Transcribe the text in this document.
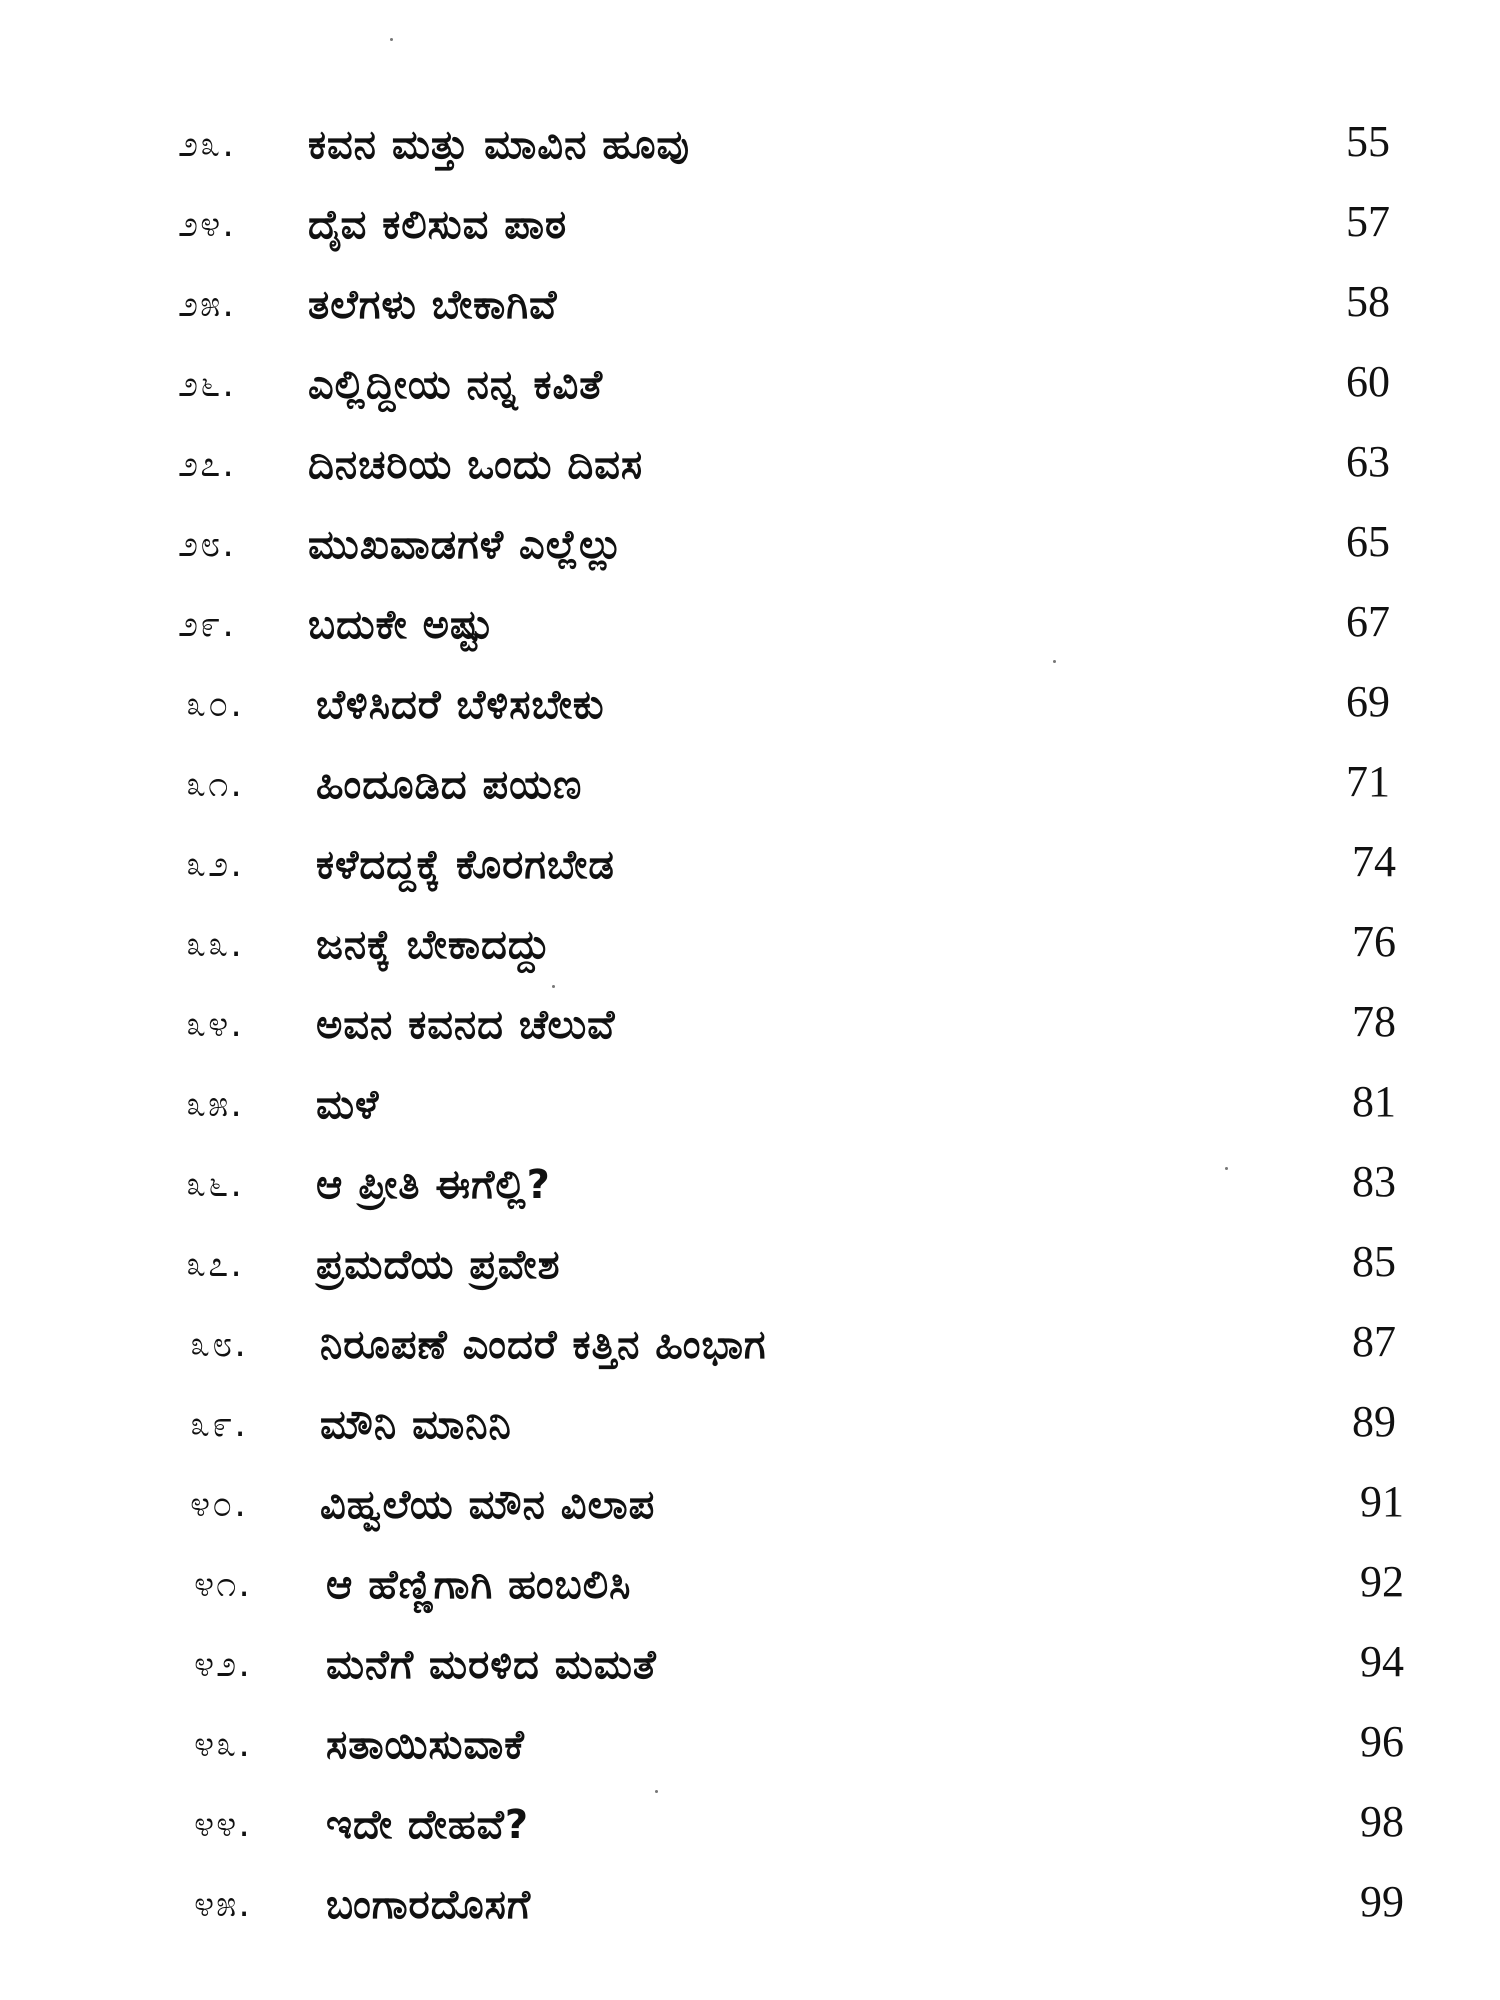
೨೩. ಕವನ ಮತ್ತು ಮಾವಿನ ಹೂವು	55
೨೪. ದೈವ ಕಲಿಸುವ ಪಾಠ	57
೨೫. ತಲೆಗಳು ಬೇಕಾಗಿವೆ	58
೨೬. ಎಲ್ಲಿದ್ದೀಯ ನನ್ನ ಕವಿತೆ	60
೨೭. ದಿನಚರಿಯ ಒಂದು ದಿವಸ	63
೨೮. ಮುಖವಾಡಗಳೆ ಎಲ್ಲೆಲ್ಲು	65
೨೯. ಬದುಕೇ ಅಷ್ಟು	67
೩೦. ಬೆಳಿಸಿದರೆ ಬೆಳಿಸಬೇಕು	69
೩೧. ಹಿಂದೂಡಿದ ಪಯಣ	71
೩೨. ಕಳೆದದ್ದಕ್ಕೆ ಕೊರಗಬೇಡ	74
೩೩. ಜನಕ್ಕೆ ಬೇಕಾದದ್ದು	76
೩೪. ಅವನ ಕವನದ ಚೆಲುವೆ	78
೩೫. ಮಳೆ	81
೩೬. ಆ ಪ್ರೀತಿ ಈಗೆಲ್ಲಿ?	83
೩೭. ಪ್ರಮದೆಯ ಪ್ರವೇಶ	85
೩೮. ನಿರೂಪಣೆ ಎಂದರೆ ಕತ್ತಿನ ಹಿಂಭಾಗ	87
೩೯. ಮೌನಿ ಮಾನಿನಿ	89
೪೦. ವಿಹ್ವಲೆಯ ಮೌನ ವಿಲಾಪ	91
೪೧. ಆ ಹೆಣ್ಣಿಗಾಗಿ ಹಂಬಲಿಸಿ	92
೪೨. ಮನೆಗೆ ಮರಳಿದ ಮಮತೆ	94
೪೩. ಸತಾಯಿಸುವಾಕೆ	96
೪೪. ಇದೇ ದೇಹವೆ?	98
೪೫. ಬಂಗಾರದೊಸಗೆ	99
